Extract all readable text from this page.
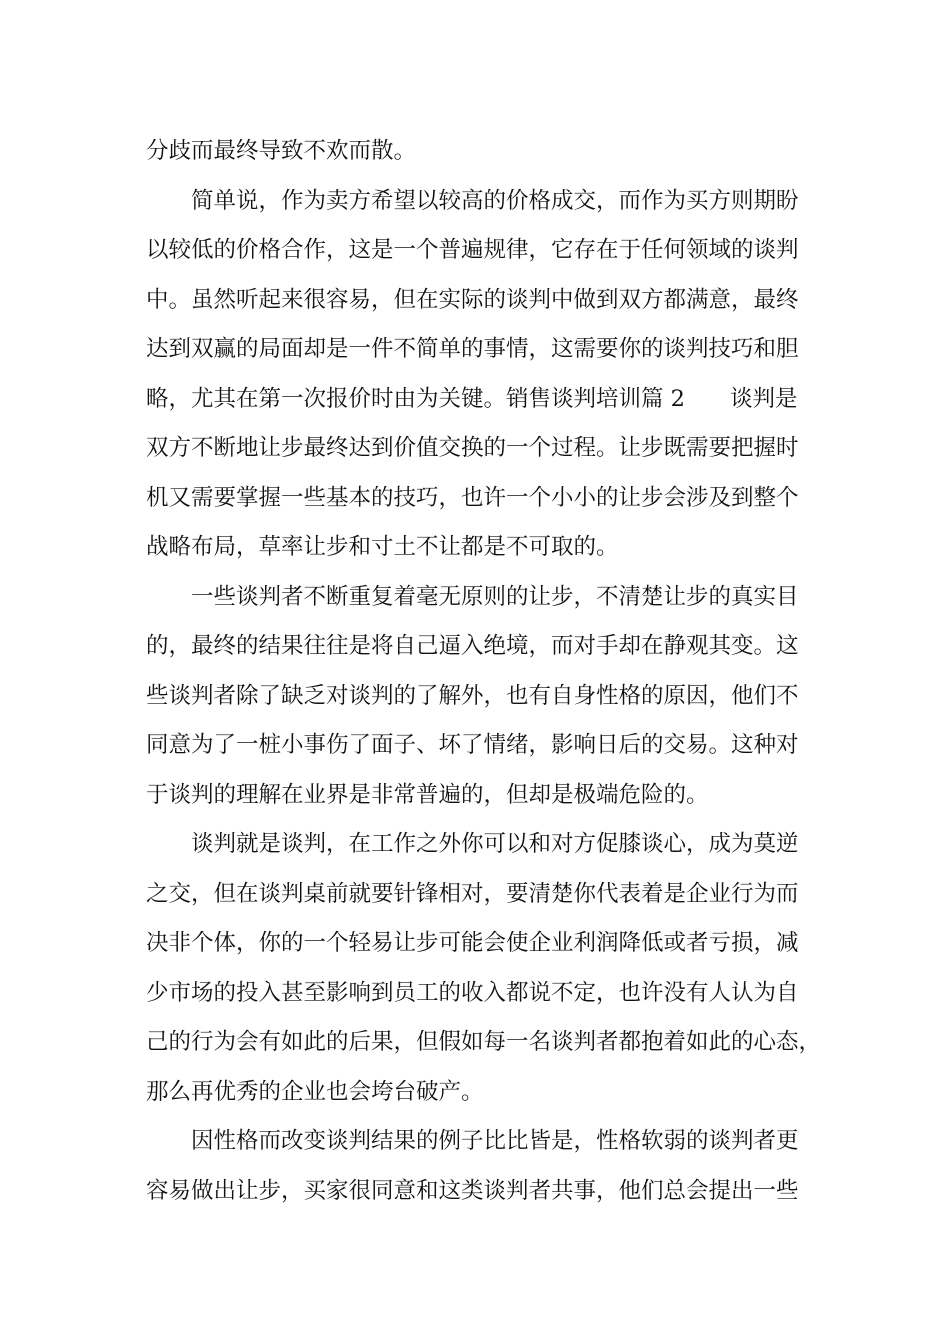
分歧而最终导致不欢而散。
简单说，作为卖方希望以较高的价格成交，而作为买方则期盼
以较低的价格合作，这是一个普遍规律，它存在于任何领域的谈判
中。虽然听起来很容易，但在实际的谈判中做到双方都满意，最终
达到双赢的局面却是一件不简单的事情，这需要你的谈判技巧和胆
略，尤其在第一次报价时由为关键。销售谈判培训篇 2　　谈判是
双方不断地让步最终达到价值交换的一个过程。让步既需要把握时
机又需要掌握一些基本的技巧，也许一个小小的让步会涉及到整个
战略布局，草率让步和寸土不让都是不可取的。
一些谈判者不断重复着毫无原则的让步，不清楚让步的真实目
的，最终的结果往往是将自己逼入绝境，而对手却在静观其变。这
些谈判者除了缺乏对谈判的了解外，也有自身性格的原因，他们不
同意为了一桩小事伤了面子、坏了情绪，影响日后的交易。这种对
于谈判的理解在业界是非常普遍的，但却是极端危险的。
谈判就是谈判，在工作之外你可以和对方促膝谈心，成为莫逆
之交，但在谈判桌前就要针锋相对，要清楚你代表着是企业行为而
决非个体，你的一个轻易让步可能会使企业利润降低或者亏损，减
少市场的投入甚至影响到员工的收入都说不定，也许没有人认为自
己的行为会有如此的后果，但假如每一名谈判者都抱着如此的心态，
那么再优秀的企业也会垮台破产。
因性格而改变谈判结果的例子比比皆是，性格软弱的谈判者更
容易做出让步，买家很同意和这类谈判者共事，他们总会提出一些
